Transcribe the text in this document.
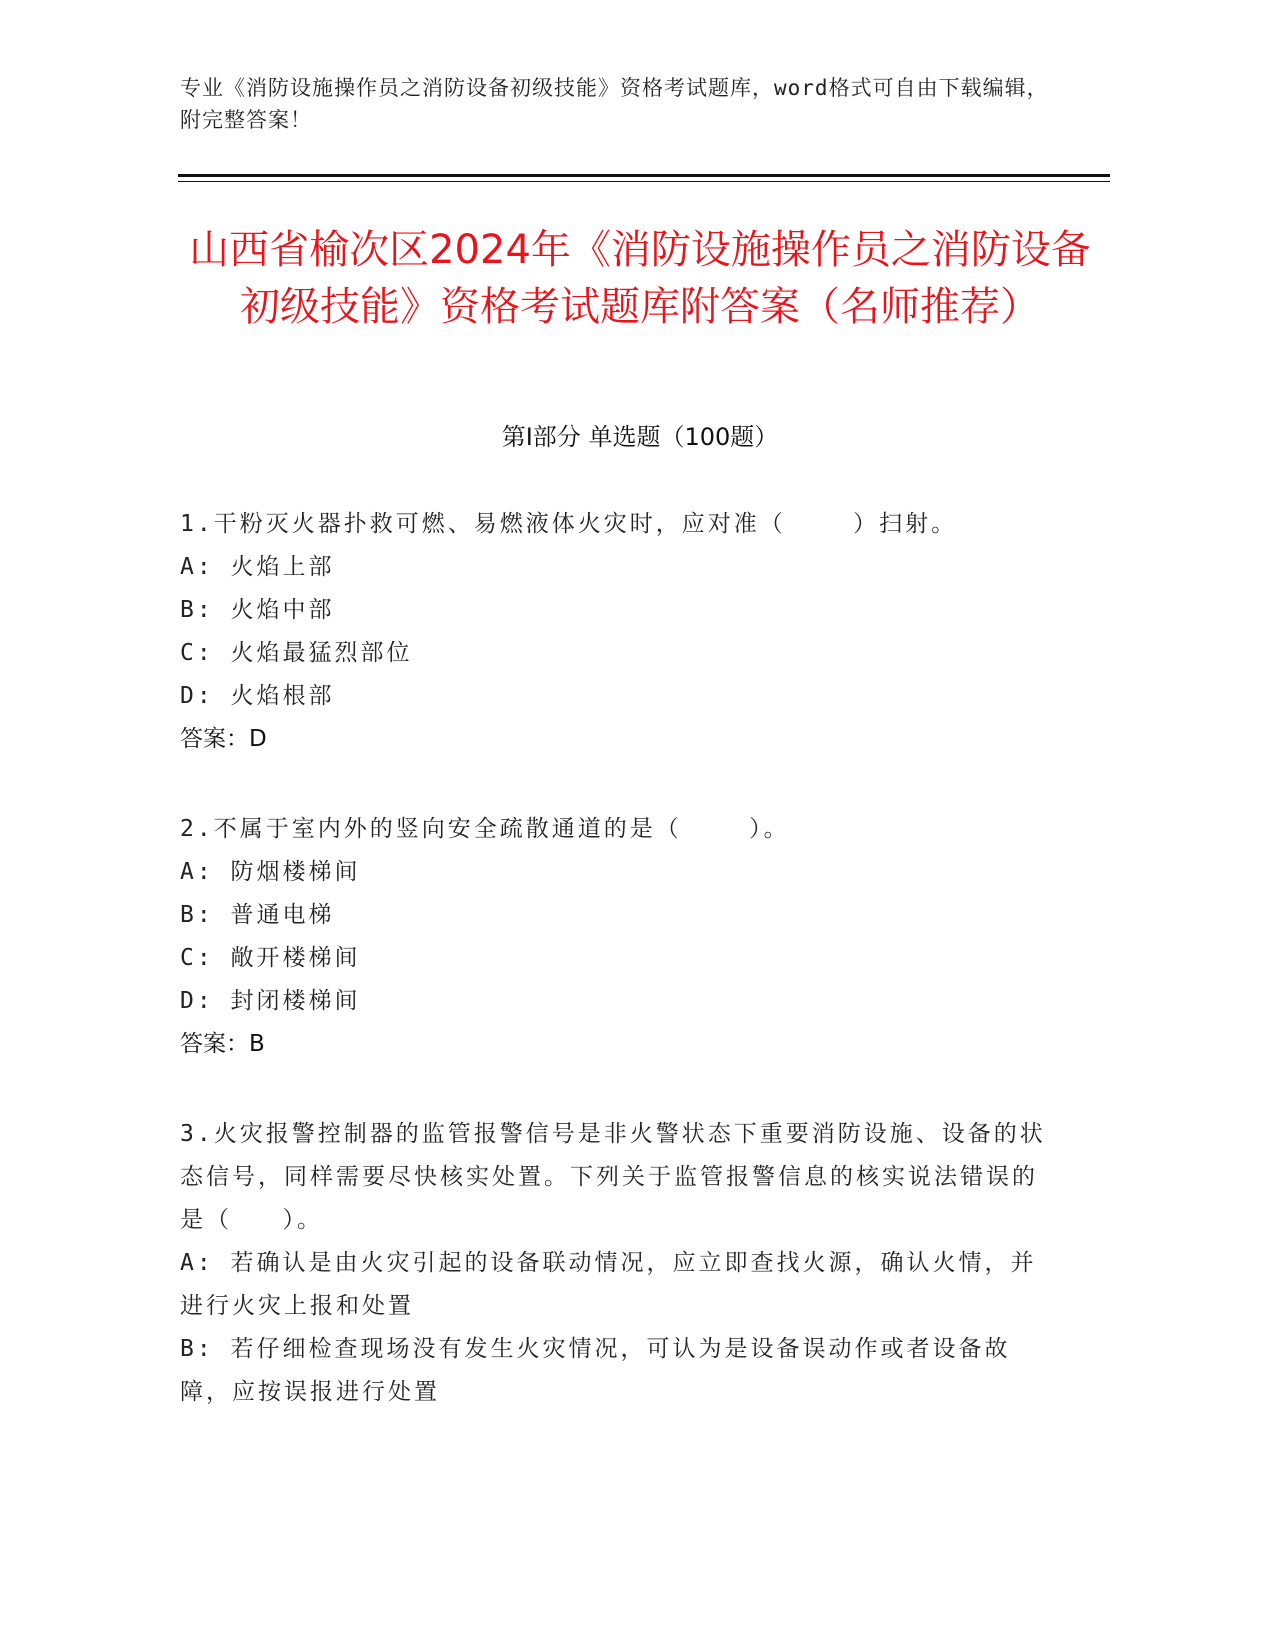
专业《消防设施操作员之消防设备初级技能》资格考试题库，word格式可自由下载编辑，附完整答案！
山西省榆次区2024年《消防设施操作员之消防设备初级技能》资格考试题库附答案（名师推荐）
第Ⅰ部分 单选题（100题）
1.干粉灭火器扑救可燃、易燃液体火灾时，应对准（    ）扫射。
A: 火焰上部
B: 火焰中部
C: 火焰最猛烈部位
D: 火焰根部
答案：D
2.不属于室内外的竖向安全疏散通道的是（    ）。
A: 防烟楼梯间
B: 普通电梯
C: 敞开楼梯间
D: 封闭楼梯间
答案：B
3.火灾报警控制器的监管报警信号是非火警状态下重要消防设施、设备的状态信号，同样需要尽快核实处置。下列关于监管报警信息的核实说法错误的是（   ）。
A: 若确认是由火灾引起的设备联动情况，应立即查找火源，确认火情，并进行火灾上报和处置
B: 若仔细检查现场没有发生火灾情况，可认为是设备误动作或者设备故障，应按误报进行处置
